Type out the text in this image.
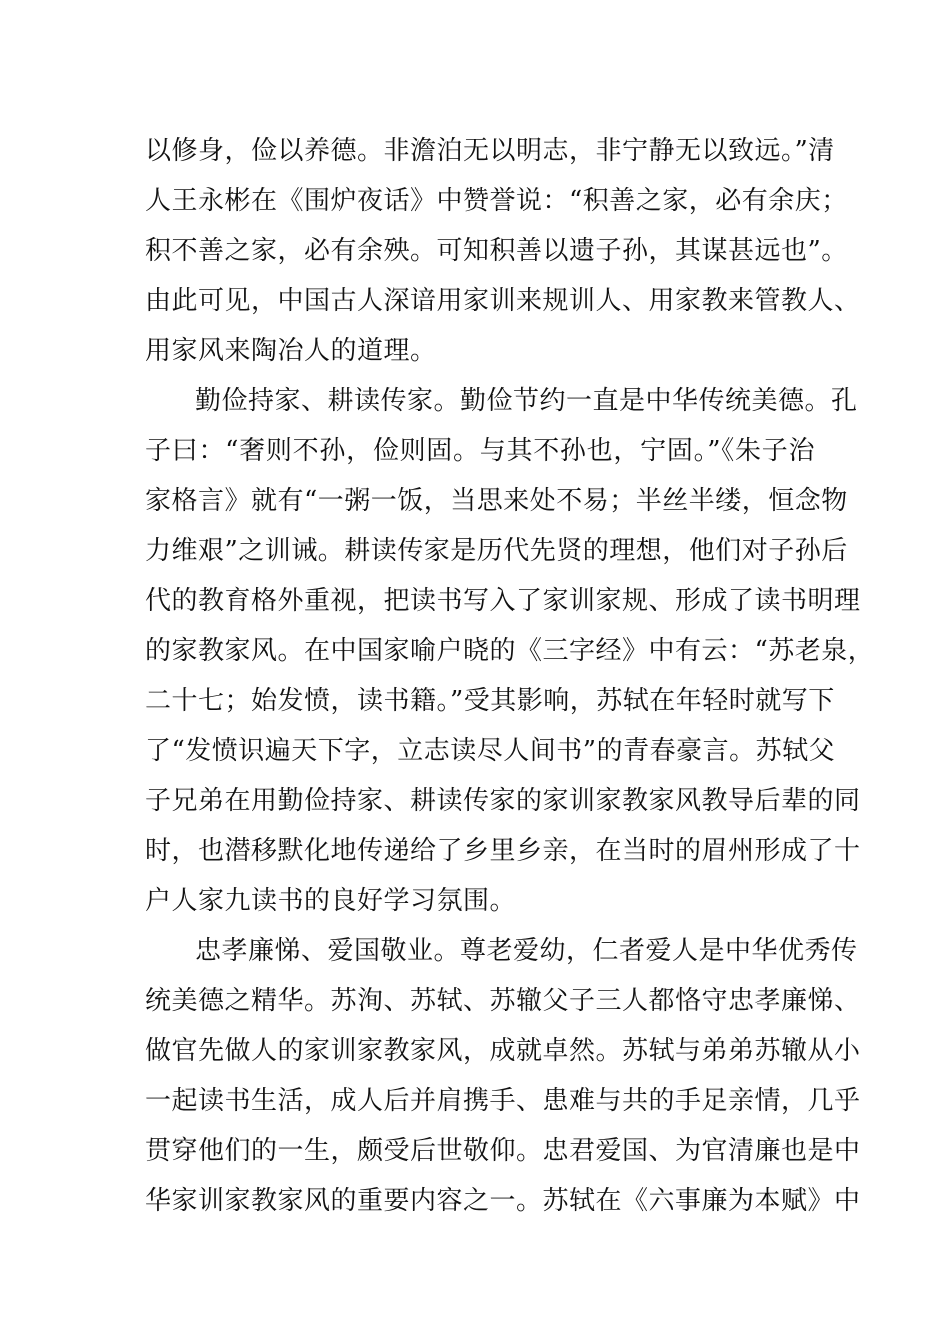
以修身，俭以养德。非澹泊无以明志，非宁静无以致远。”清
人王永彬在《围炉夜话》中赞誉说：“积善之家，必有余庆；
积不善之家，必有余殃。可知积善以遗子孙，其谋甚远也”。
由此可见，中国古人深谙用家训来规训人、用家教来管教人、
用家风来陶冶人的道理。
勤俭持家、耕读传家。勤俭节约一直是中华传统美德。孔
子曰：“奢则不孙，俭则固。与其不孙也，宁固。”《朱子治
家格言》就有“一粥一饭，当思来处不易；半丝半缕，恒念物
力维艰”之训诫。耕读传家是历代先贤的理想，他们对子孙后
代的教育格外重视，把读书写入了家训家规、形成了读书明理
的家教家风。在中国家喻户晓的《三字经》中有云：“苏老泉，
二十七；始发愤，读书籍。”受其影响，苏轼在年轻时就写下
了“发愤识遍天下字，立志读尽人间书”的青春豪言。苏轼父
子兄弟在用勤俭持家、耕读传家的家训家教家风教导后辈的同
时，也潜移默化地传递给了乡里乡亲，在当时的眉州形成了十
户人家九读书的良好学习氛围。
忠孝廉悌、爱国敬业。尊老爱幼，仁者爱人是中华优秀传
统美德之精华。苏洵、苏轼、苏辙父子三人都恪守忠孝廉悌、
做官先做人的家训家教家风，成就卓然。苏轼与弟弟苏辙从小
一起读书生活，成人后并肩携手、患难与共的手足亲情，几乎
贯穿他们的一生，颇受后世敬仰。忠君爱国、为官清廉也是中
华家训家教家风的重要内容之一。苏轼在《六事廉为本赋》中
